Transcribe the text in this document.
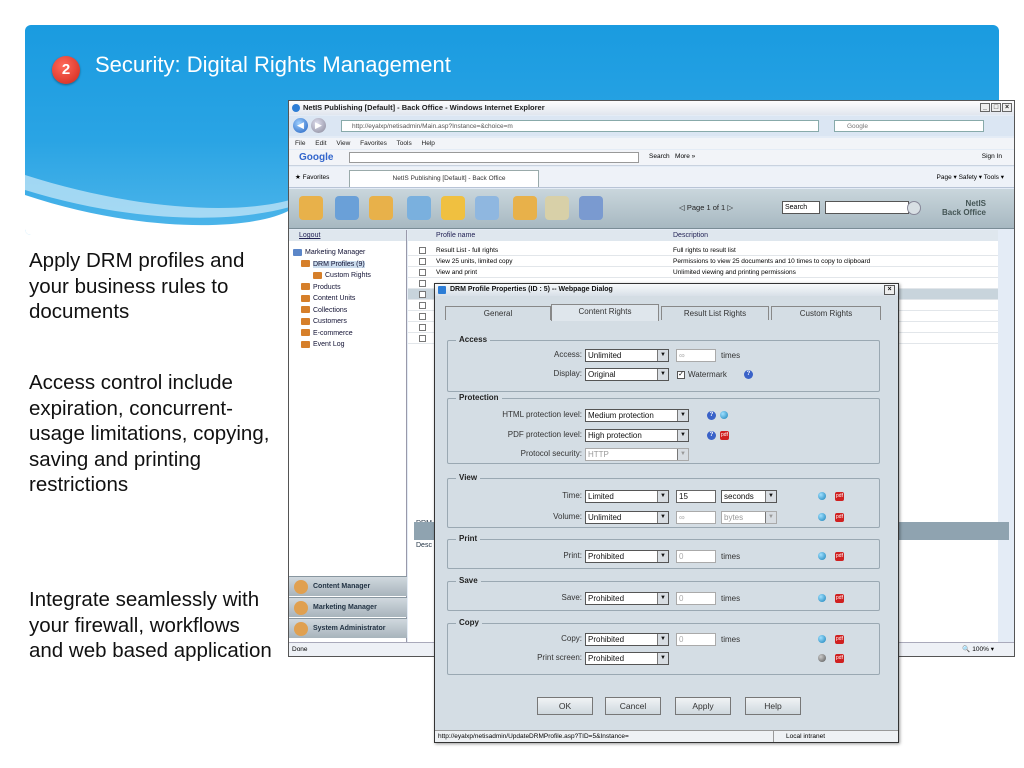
2	Security: Digital Rights Management
Apply DRM profiles and your business rules to documents
Access control include expiration, concurrent-usage limitations, copying, saving and printing restrictions
Integrate seamlessly with your firewall, workflows and web based application
NetIS Publishing [Default] - Back Office - Windows Internet Explorer	_ □ ×
◀	▶	http://eyalxp/netisadmin/Main.asp?Instance=&choice=m	Google
File Edit View Favorites Tools Help
Google	Search More »	Sign In
★ Favorites	NetIS Publishing [Default] - Back Office	Page ▾ Safety ▾ Tools ▾
◁ Page 1 of 1 ▷	Search	NetIS
Back Office
Logout
Marketing Manager
DRM Profiles (9)
Custom Rights
Products
Content Units
Collections
Customers
E-commerce
Event Log
Content Manager
Marketing Manager
System Administrator
Profile name	Description
Result List - full rights	Full rights to result list
View 25 units, limited copy	Permissions to view 25 documents and 10 times to copy to clipboard
View and print	Unlimited viewing and printing permissions
Desc
Done	🔍 100% ▾
DRM Profile Properties (ID : 5) -- Webpage Dialog	×
General	Content Rights	Result List Rights	Custom Rights
Access
Access: Unlimited	▼	∞	times
Display: Original	▼ ✓ Watermark	?
Protection
HTML protection level: Medium protection	▼	?
PDF protection level: High protection	▼	?	pdf
Protocol security: HTTP	▼
View
Time: Limited	▼	15	seconds	▼	pdf
Volume: Unlimited	▼	∞	bytes	▼	pdf
Print
Print: Prohibited	▼	0	times	pdf
Save
Save: Prohibited	▼	0	times	pdf
Copy
Copy: Prohibited	▼	0	times	pdf
Print screen: Prohibited	▼	pdf
OK	Cancel	Apply	Help
http://eyalxp/netisadmin/UpdateDRMProfile.asp?TID=5&Instance=	Local intranet
